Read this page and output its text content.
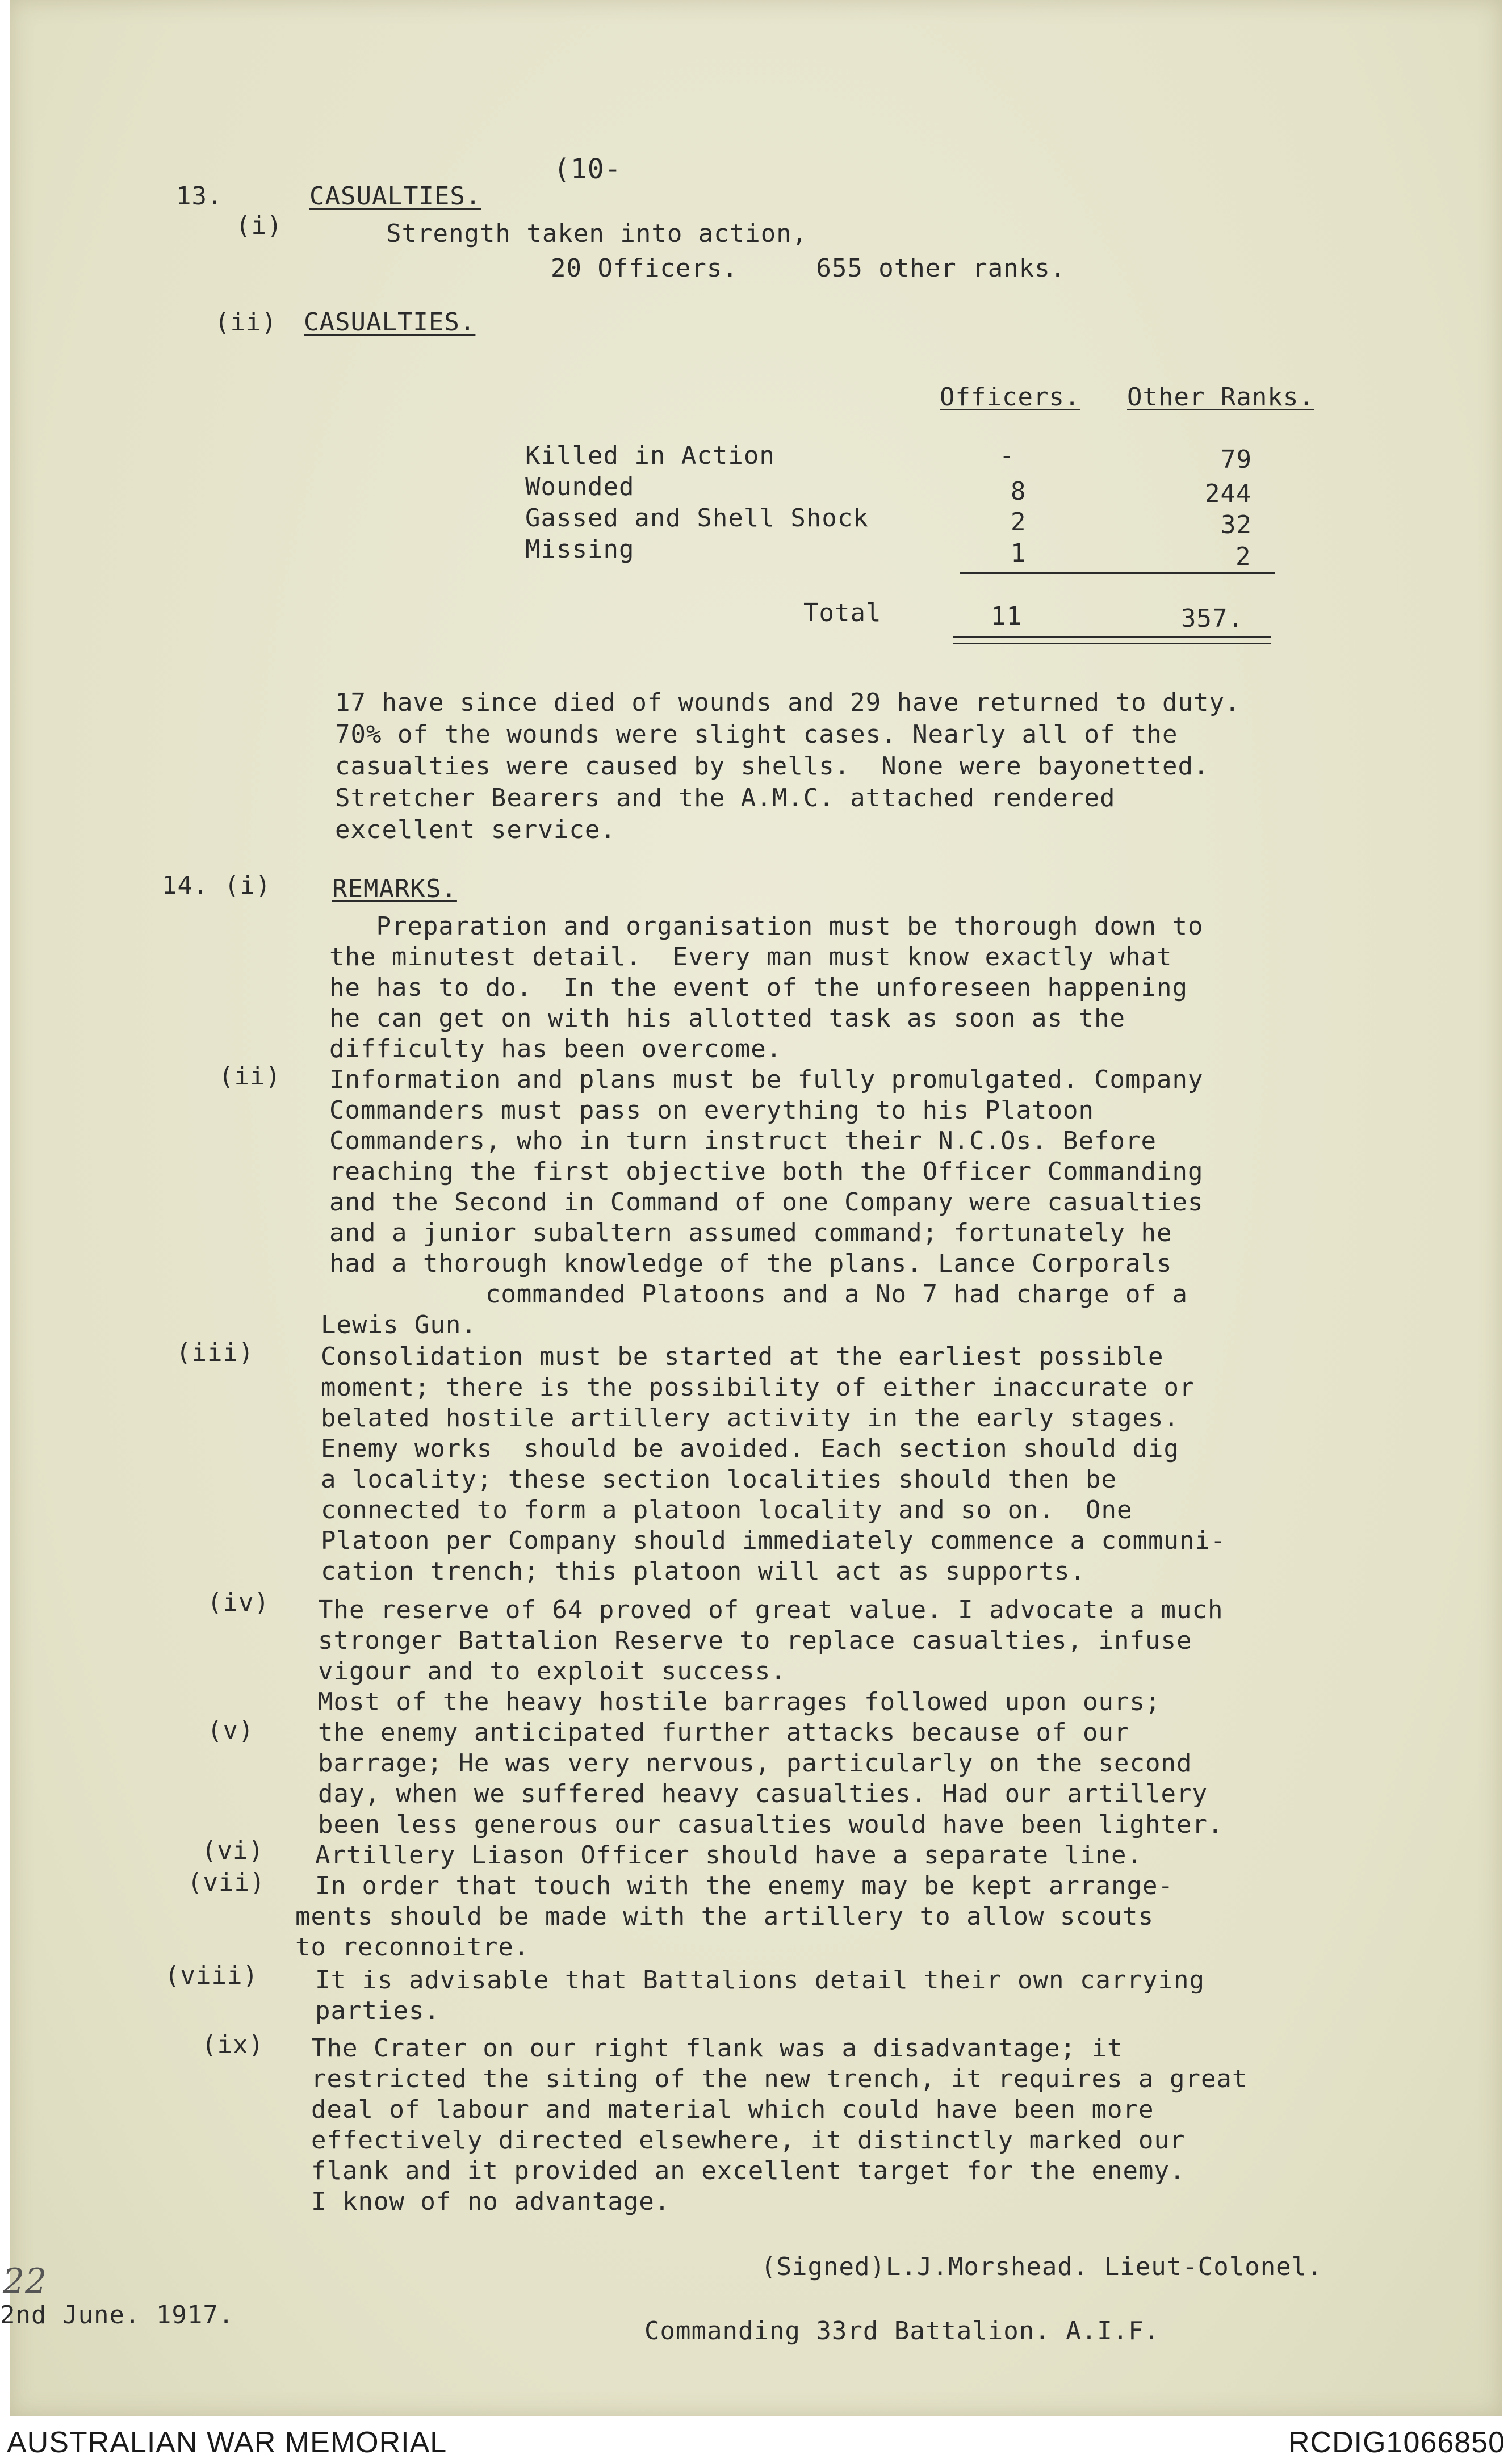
(10-
13.	CASUALTIES.
(i)	Strength taken into action,
20 Officers.     655 other ranks.
(ii) CASUALTIES.
Officers. Other Ranks.
Killed in Action	-	79
Wounded	8	244
Gassed and Shell Shock	2	32
Missing	1	2
Total	11	357.
17 have since died of wounds and 29 have returned to duty.
70% of the wounds were slight cases. Nearly all of the
casualties were caused by shells.  None were bayonetted.
Stretcher Bearers and the A.M.C. attached rendered
excellent service.
14. (i) REMARKS.
Preparation and organisation must be thorough down to
the minutest detail.  Every man must know exactly what
he has to do.  In the event of the unforeseen happening
he can get on with his allotted task as soon as the
difficulty has been overcome.
(ii) Information and plans must be fully promulgated. Company
Commanders must pass on everything to his Platoon
Commanders, who in turn instruct their N.C.Os. Before
reaching the first objective both the Officer Commanding
and the Second in Command of one Company were casualties
and a junior subaltern assumed command; fortunately he
had a thorough knowledge of the plans. Lance Corporals
commanded Platoons and a No 7 had charge of a
Lewis Gun.
(iii)	Consolidation must be started at the earliest possible
moment; there is the possibility of either inaccurate or
belated hostile artillery activity in the early stages.
Enemy works  should be avoided. Each section should dig
a locality; these section localities should then be
connected to form a platoon locality and so on.  One
Platoon per Company should immediately commence a communi-
cation trench; this platoon will act as supports.
(iv) The reserve of 64 proved of great value. I advocate a much
stronger Battalion Reserve to replace casualties, infuse
vigour and to exploit success.
Most of the heavy hostile barrages followed upon ours;
(v)	the enemy anticipated further attacks because of our
barrage; He was very nervous, particularly on the second
day, when we suffered heavy casualties. Had our artillery
been less generous our casualties would have been lighter.
(vi) Artillery Liason Officer should have a separate line.
(vii) In order that touch with the enemy may be kept arrange-
ments should be made with the artillery to allow scouts
to reconnoitre.
(viii) It is advisable that Battalions detail their own carrying
parties.
(ix) The Crater on our right flank was a disadvantage; it
restricted the siting of the new trench, it requires a great
deal of labour and material which could have been more
effectively directed elsewhere, it distinctly marked our
flank and it provided an excellent target for the enemy.
I know of no advantage.
(Signed)L.J.Morshead. Lieut-Colonel.
22
2nd June. 1917.
Commanding 33rd Battalion. A.I.F.
AUSTRALIAN WAR MEMORIAL	RCDIG1066850
